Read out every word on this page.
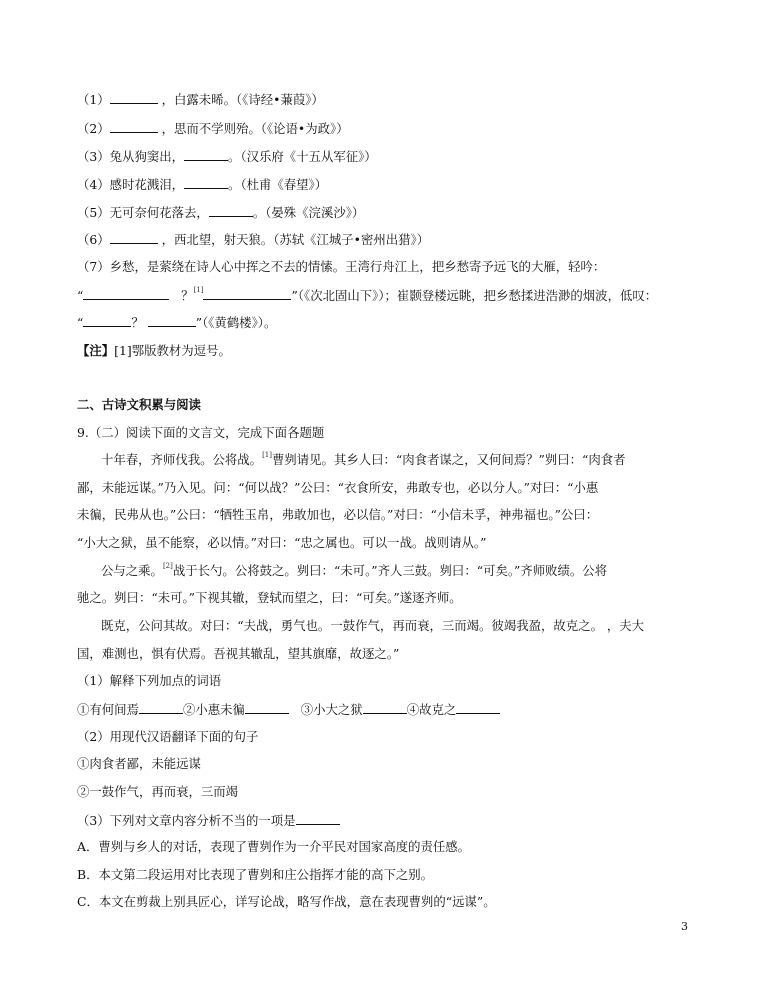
（1）	，白露未晞。（《诗经•蒹葭》）
（2）	，思而不学则殆。（《论语•为政》）
（3）兔从狗窦出，	。（汉乐府《十五从军征》）
（4）感时花溅泪，	。（杜甫《春望》）
（5）无可奈何花落去，	。（晏殊《浣溪沙》）
（6）	，西北望，射天狼。（苏轼《江城子•密州出猎》）
（7）乡愁，是萦绕在诗人心中挥之不去的情愫。王湾行舟江上，把乡愁寄予远飞的大雁，轻吟：
“	？[1]	”（《次北固山下》）；崔颢登楼远眺，把乡愁揉进浩渺的烟波，低叹：
“	？	”（《黄鹤楼》）。
【注】[1]鄂版教材为逗号。
二、古诗文积累与阅读
9.（二）阅读下面的文言文，完成下面各题题
十年春，齐师伐我。公将战。[1]曹刿请见。其乡人曰：“肉食者谋之，又何间焉？”刿曰：“肉食者
鄙，未能远谋。”乃入见。问：“何以战？”公曰：“衣食所安，弗敢专也，必以分人。”对曰：“小惠
未徧，民弗从也。”公曰：“牺牲玉帛，弗敢加也，必以信。”对曰：“小信未孚，神弗福也。”公曰：
“小大之狱，虽不能察，必以情。”对曰：“忠之属也。可以一战。战则请从。”
公与之乘。[2]战于长勺。公将鼓之。刿曰：“未可。”齐人三鼓。刿曰：“可矣。”齐师败绩。公将
驰之。刿曰：“未可。”下视其辙，登轼而望之，曰：“可矣。”遂逐齐师。
既克，公问其故。对曰：“夫战，勇气也。一鼓作气，再而衰，三而竭。彼竭我盈，故克之。 ，夫大
国，难测也，惧有伏焉。吾视其辙乱，望其旗靡，故逐之。”
（1）解释下列加点的词语
①有何间焉	②小惠未徧	③小大之狱	④故克之
（2）用现代汉语翻译下面的句子
①肉食者鄙，未能远谋
②一鼓作气，再而衰，三而竭
（3）下列对文章内容分析不当的一项是
A．曹刿与乡人的对话，表现了曹刿作为一介平民对国家高度的责任感。
B．本文第二段运用对比表现了曹刿和庄公指挥才能的高下之别。
C．本文在剪裁上别具匠心，详写论战，略写作战，意在表现曹刿的“远谋”。
3
